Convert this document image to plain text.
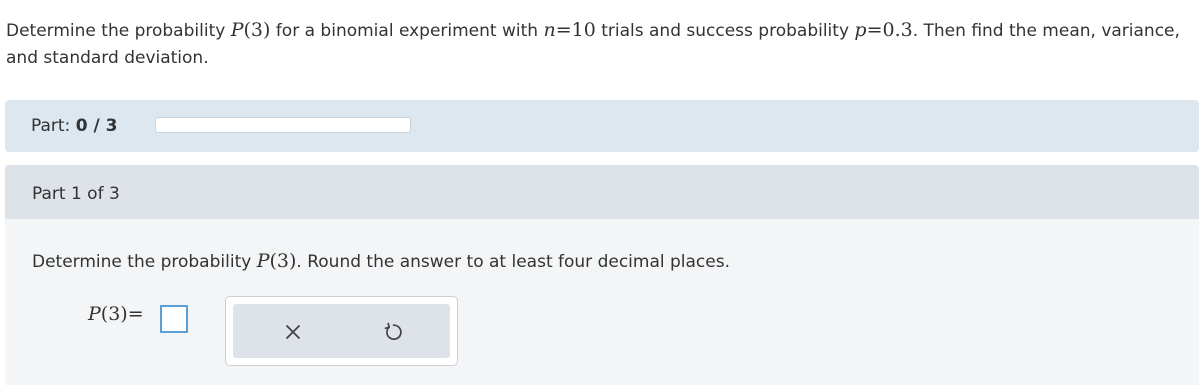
Determine the probability P(3) for a binomial experiment with n=10 trials and success probability p=0.3. Then find the mean, variance, and standard deviation.
Part: 0 / 3
Part 1 of 3
Determine the probability P(3). Round the answer to at least four decimal places.
P(3)=
